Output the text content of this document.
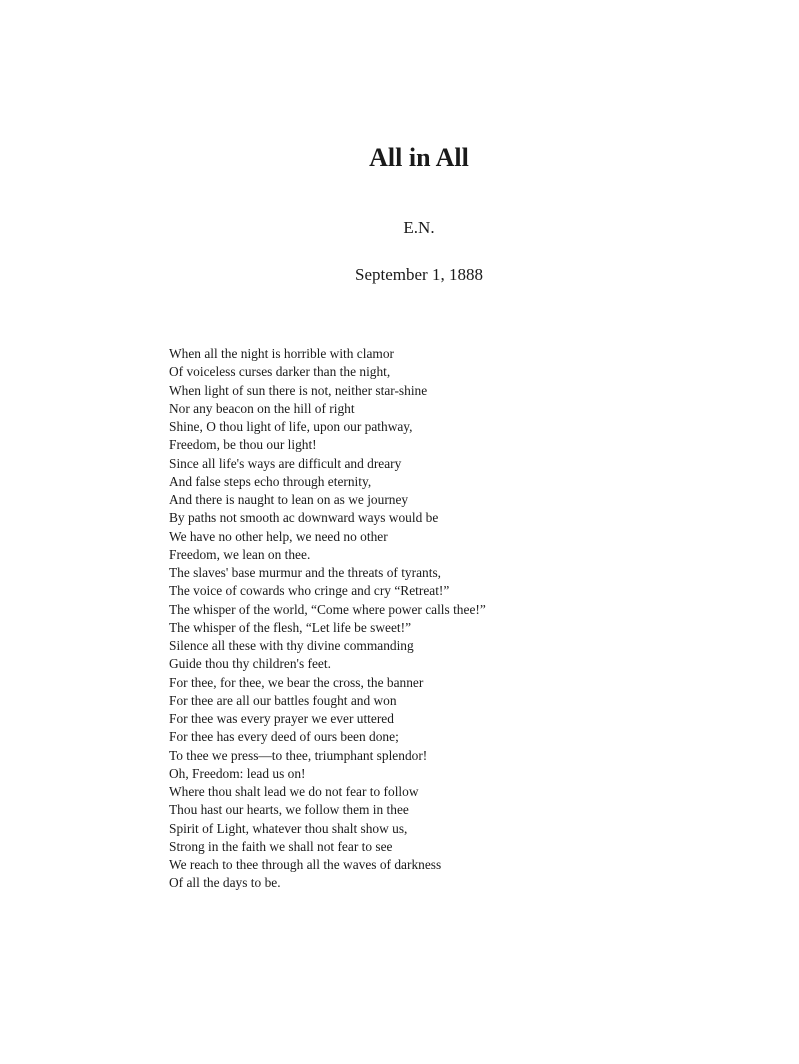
All in All
E.N.
September 1, 1888
When all the night is horrible with clamor
Of voiceless curses darker than the night,
When light of sun there is not, neither star-shine
Nor any beacon on the hill of right
Shine, O thou light of life, upon our pathway,
Freedom, be thou our light!
Since all life's ways are difficult and dreary
And false steps echo through eternity,
And there is naught to lean on as we journey
By paths not smooth ac downward ways would be
We have no other help, we need no other
Freedom, we lean on thee.
The slaves' base murmur and the threats of tyrants,
The voice of cowards who cringe and cry “Retreat!”
The whisper of the world, “Come where power calls thee!”
The whisper of the flesh, “Let life be sweet!”
Silence all these with thy divine commanding
Guide thou thy children's feet.
For thee, for thee, we bear the cross, the banner
For thee are all our battles fought and won
For thee was every prayer we ever uttered
For thee has every deed of ours been done;
To thee we press—to thee, triumphant splendor!
Oh, Freedom: lead us on!
Where thou shalt lead we do not fear to follow
Thou hast our hearts, we follow them in thee
Spirit of Light, whatever thou shalt show us,
Strong in the faith we shall not fear to see
We reach to thee through all the waves of darkness
Of all the days to be.
